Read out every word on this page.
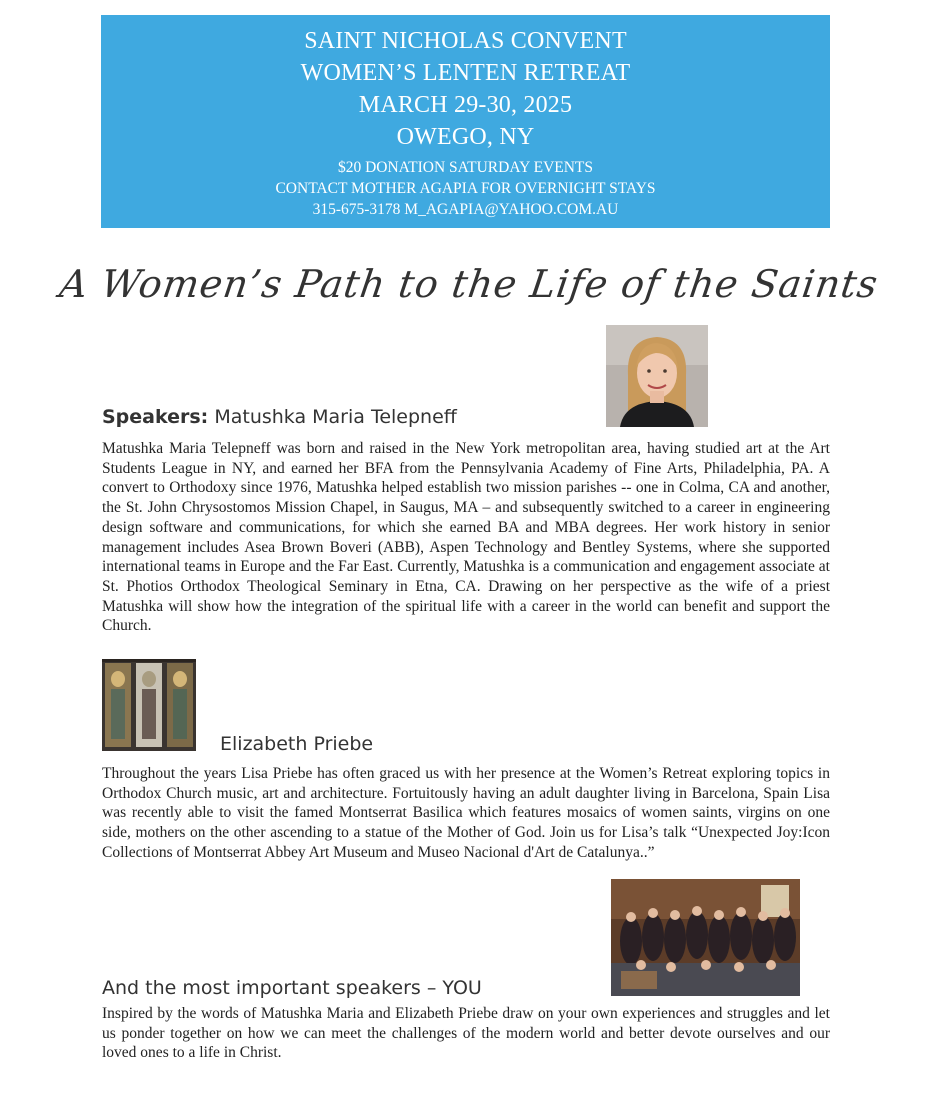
SAINT NICHOLAS CONVENT
WOMEN’S LENTEN RETREAT
MARCH 29-30, 2025
OWEGO, NY
$20 DONATION SATURDAY EVENTS
CONTACT MOTHER AGAPIA FOR OVERNIGHT STAYS
315-675-3178 M_AGAPIA@YAHOO.COM.AU
A Women’s Path to the Life of the Saints
Speakers: Matushka Maria Telepneff
Matushka Maria Telepneff was born and raised in the New York metropolitan area, having studied art at the Art Students League in NY, and earned her BFA from the Pennsylvania Academy of Fine Arts, Philadelphia, PA. A convert to Orthodoxy since 1976, Matushka helped establish two mission parishes -- one in Colma, CA and another, the St. John Chrysostomos Mission Chapel, in Saugus, MA – and subsequently switched to a career in engineering design software and communications, for which she earned BA and MBA degrees. Her work history in senior management includes Asea Brown Boveri (ABB), Aspen Technology and Bentley Systems, where she supported international teams in Europe and the Far East. Currently, Matushka is a communication and engagement associate at St. Photios Orthodox Theological Seminary in Etna, CA. Drawing on her perspective as the wife of a priest Matushka will show how the integration of the spiritual life with a career in the world can benefit and support the Church.
Elizabeth Priebe
Throughout the years Lisa Priebe has often graced us with her presence at the Women’s Retreat exploring topics in Orthodox Church music, art and architecture. Fortuitously having an adult daughter living in Barcelona, Spain Lisa was recently able to visit the famed Montserrat Basilica which features mosaics of women saints, virgins on one side, mothers on the other ascending to a statue of the Mother of God. Join us for Lisa’s talk “Unexpected Joy:Icon Collections of Montserrat Abbey Art Museum and Museo Nacional d'Art de Catalunya..”
And the most important speakers – YOU
Inspired by the words of Matushka Maria and Elizabeth Priebe draw on your own experiences and struggles and let us ponder together on how we can meet the challenges of the modern world and better devote ourselves and our loved ones to a life in Christ.
